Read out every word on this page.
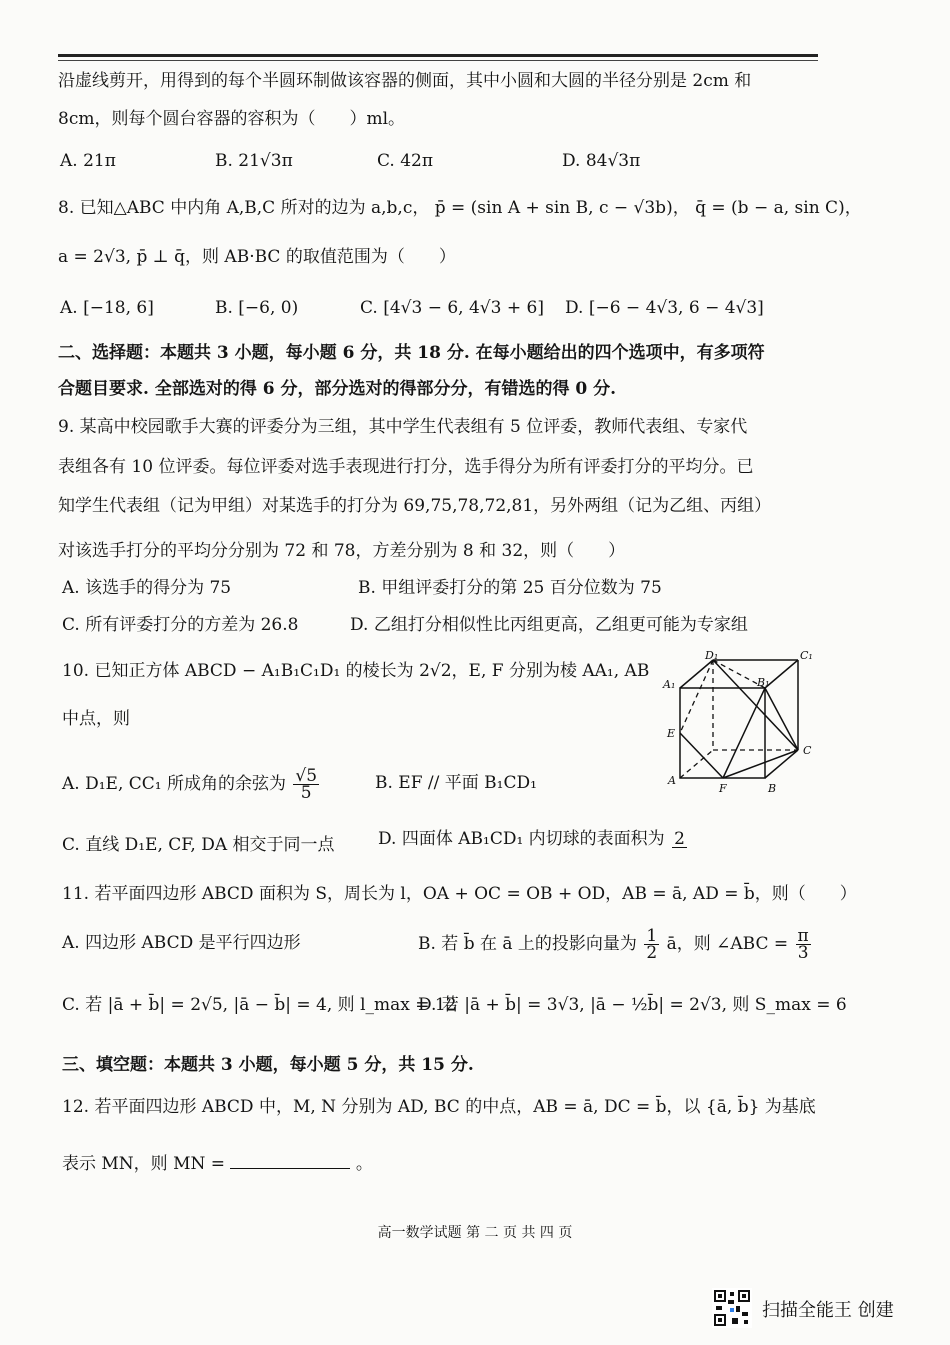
沿虚线剪开，用得到的每个半圆环制做该容器的侧面，其中小圆和大圆的半径分别是 2cm 和
8cm，则每个圆台容器的容积为（　　）ml。
A. 21π	B. 21√3π	C. 42π	D. 84√3π
8. 已知△ABC 中内角 A,B,C 所对的边为 a,b,c， p̄ = (sin A + sin B, c − √3b)， q̄ = (b − a, sin C)，
a = 2√3, p̄ ⊥ q̄，则 AB·BC 的取值范围为（　　）
A. [−18, 6]	B. [−6, 0)	C. [4√3 − 6, 4√3 + 6] D. [−6 − 4√3, 6 − 4√3]
二、选择题：本题共 3 小题，每小题 6 分，共 18 分. 在每小题给出的四个选项中，有多项符
合题目要求. 全部选对的得 6 分，部分选对的得部分分，有错选的得 0 分.
9. 某高中校园歌手大赛的评委分为三组，其中学生代表组有 5 位评委，教师代表组、专家代
表组各有 10 位评委。每位评委对选手表现进行打分，选手得分为所有评委打分的平均分。已
知学生代表组（记为甲组）对某选手的打分为 69,75,78,72,81，另外两组（记为乙组、丙组）
对该选手打分的平均分分别为 72 和 78，方差分别为 8 和 32，则（　　）
A. 该选手的得分为 75	B. 甲组评委打分的第 25 百分位数为 75
C. 所有评委打分的方差为 26.8	D. 乙组打分相似性比丙组更高，乙组更可能为专家组
10. 已知正方体 ABCD − A₁B₁C₁D₁ 的棱长为 2√2，E, F 分别为棱 AA₁, AB
中点，则
D₁	C₁
A₁	B₁
E
A
F	B
C
A. D₁E, CC₁ 所成角的余弦为 $\frac{√5}{5}$	B. EF // 平面 B₁CD₁
C. 直线 D₁E, CF, DA 相交于同一点	D. 四面体 AB₁CD₁ 内切球的表面积为 2
11. 若平面四边形 ABCD 面积为 S，周长为 l，OA + OC = OB + OD，AB = ā, AD = b̄，则（　　）
A. 四边形 ABCD 是平行四边形	B. 若 b̄ 在 ā 上的投影向量为 $\frac{1}{2}$ ā，则 ∠ABC = $\frac{\pi}{3}$
C. 若 |ā + b̄| = 2√5, |ā − b̄| = 4, 则 l_max = 12
D. 若 |ā + b̄| = 3√3, |ā − ½b̄| = 2√3, 则 S_max = 6
三、填空题：本题共 3 小题，每小题 5 分，共 15 分.
12. 若平面四边形 ABCD 中，M, N 分别为 AD, BC 的中点，AB = ā, DC = b̄，以 {ā, b̄} 为基底
表示 MN，则 MN =	。
高一数学试题 第 二 页 共 四 页
扫描全能王 创建
